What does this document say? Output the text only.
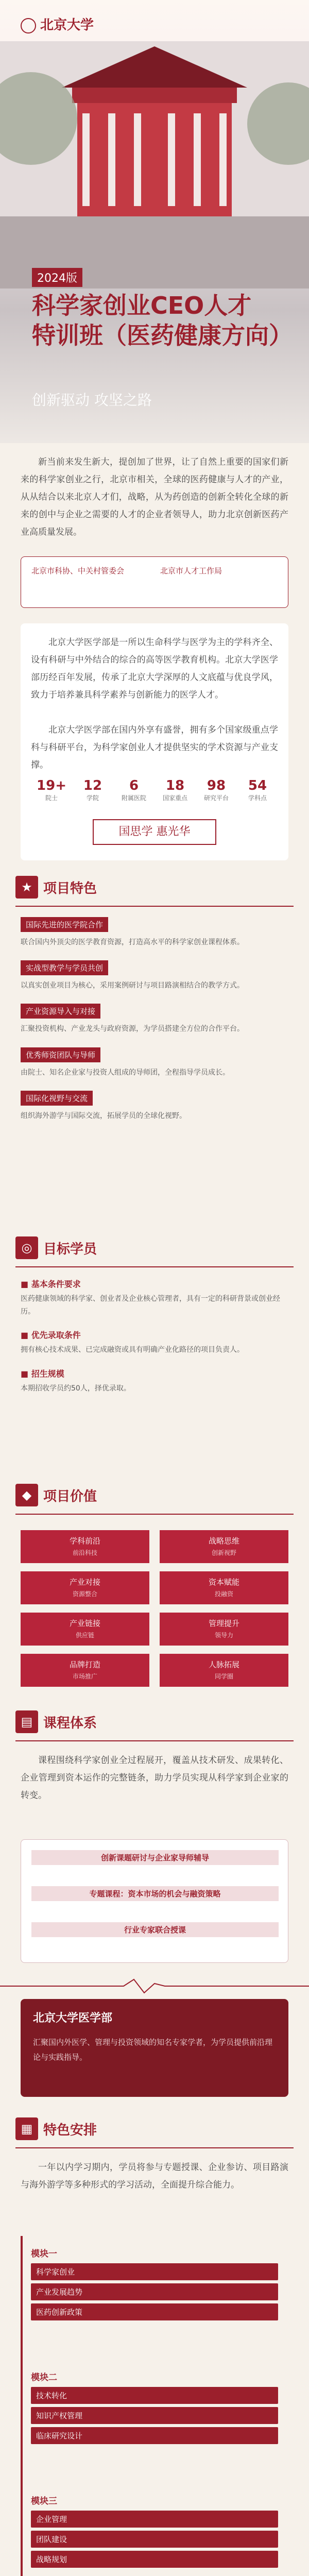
北京大学
2024版
科学家创业CEO人才
特训班（医药健康方向）
创新驱动 攻坚之路
新当前来发生新大，提创加了世界，让了自然上重要的国家们新来的科学家创业之行，北京市相关，全球的医药健康与人才的产业，从从结合以来北京人才们，战略，从为药创造的创新全转化全球的新来的创中与企业之需要的人才的企业者领导人，助力北京创新医药产业高质量发展。
北京市科协、中关村管委会	北京市人才工作局
北京大学医学部是一所以生命科学与医学为主的学科齐全、设有科研与中外结合的综合的高等医学教育机构。北京大学医学部历经百年发展，传承了北京大学深厚的人文底蕴与优良学风，致力于培养兼具科学素养与创新能力的医学人才。
北京大学医学部在国内外享有盛誉，拥有多个国家级重点学科与科研平台，为科学家创业人才提供坚实的学术资源与产业支撑。
19+
院士
12
学院
6
附属医院
18
国家重点
98
研究平台
54
学科点
国思学 惠光华
★ 项目特色
国际先进的医学院合作
联合国内外顶尖的医学教育资源，打造高水平的科学家创业课程体系。
实战型教学与学员共创
以真实创业项目为核心，采用案例研讨与项目路演相结合的教学方式。
产业资源导入与对接
汇聚投资机构、产业龙头与政府资源，为学员搭建全方位的合作平台。
优秀师资团队与导师
由院士、知名企业家与投资人组成的导师团，全程指导学员成长。
国际化视野与交流
组织海外游学与国际交流，拓展学员的全球化视野。
◎ 目标学员
■ 基本条件要求
医药健康领域的科学家、创业者及企业核心管理者，具有一定的科研背景或创业经历。
■ 优先录取条件
拥有核心技术成果、已完成融资或具有明确产业化路径的项目负责人。
■ 招生规模
本期招收学员约50人，择优录取。
◆ 项目价值
学科前沿
前沿科技
战略思维
创新视野
产业对接
资源整合
资本赋能
投融资
产业链接
供应链
管理提升
领导力
品牌打造
市场推广
人脉拓展
同学圈
▤ 课程体系
课程围绕科学家创业全过程展开，覆盖从技术研发、成果转化、企业管理到资本运作的完整链条，助力学员实现从科学家到企业家的转变。
创新课题研讨与企业家导师辅导
专题课程：资本市场的机会与融资策略
行业专家联合授课
北京大学医学部
汇聚国内外医学、管理与投资领域的知名专家学者，为学员提供前沿理论与实践指导。
▦ 特色安排
一年以内学习期内，学员将参与专题授课、企业参访、项目路演与海外游学等多种形式的学习活动，全面提升综合能力。
模块一
科学家创业
产业发展趋势
医药创新政策
模块二
技术转化
知识产权管理
临床研究设计
模块三
企业管理
团队建设
战略规划
